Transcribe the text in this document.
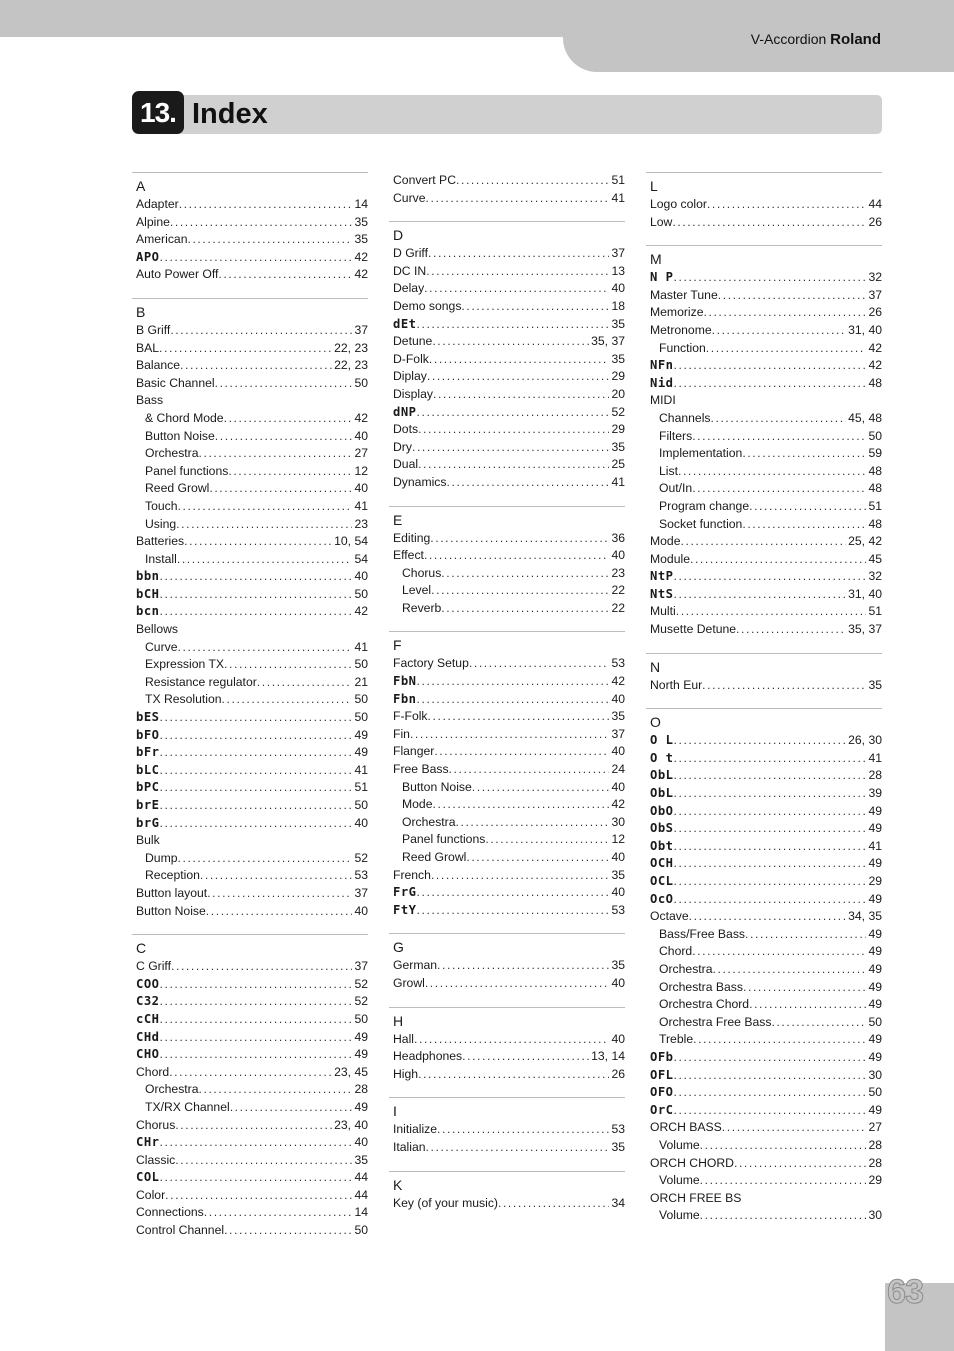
V-Accordion Roland
13. Index
A
Adapter . . .	14
Alpine . . .	35
American . . .	35
APO . . .	42
Auto Power Off . . .	42
B
B Griff . . .	37
BAL . . .	22, 23
Balance . . .	22, 23
Basic Channel . . .	50
Bass
& Chord Mode . . .	42
Button Noise . . .	40
Orchestra . . .	27
Panel functions . . .	12
Reed Growl . . .	40
Touch . . .	41
Using . . .	23
Batteries . . .	10, 54
Install . . .	54
bbn . . .	40
bCH . . .	50
bcn . . .	42
Bellows
Curve . . .	41
Expression TX . . .	50
Resistance regulator . . .	21
TX Resolution . . .	50
bES . . .	50
bFO . . .	49
bFr . . .	49
bLC . . .	41
bPC . . .	51
brE . . .	50
brG . . .	40
Bulk
Dump . . .	52
Reception . . .	53
Button layout . . .	37
Button Noise . . .	40
C
C Griff . . .	37
COO . . .	52
C32 . . .	52
cCH . . .	50
CHd . . .	49
CHO . . .	49
Chord . . .	23, 45
Orchestra . . .	28
TX/RX Channel . . .	49
Chorus . . .	23, 40
CHr . . .	40
Classic . . .	35
COL . . .	44
Color . . .	44
Connections . . .	14
Control Channel . . .	50
Convert PC . . .	51
Curve . . .	41
D
D Griff . . .	37
DC IN . . .	13
Delay . . .	40
Demo songs . . .	18
dEt . . .	35
Detune . . .	35, 37
D-Folk . . .	35
Diplay . . .	29
Display . . .	20
dNP . . .	52
Dots . . .	29
Dry . . .	35
Dual . . .	25
Dynamics . . .	41
E
Editing . . .	36
Effect . . .	40
Chorus . . .	23
Level . . .	22
Reverb . . .	22
F
Factory Setup . . .	53
FbN . . .	42
Fbn . . .	40
F-Folk . . .	35
Fin . . .	37
Flanger . . .	40
Free Bass . . .	24
Button Noise . . .	40
Mode . . .	42
Orchestra . . .	30
Panel functions . . .	12
Reed Growl . . .	40
French . . .	35
FrG . . .	40
FtY . . .	53
G
German . . .	35
Growl . . .	40
H
Hall . . .	40
Headphones . . .	13, 14
High . . .	26
I
Initialize . . .	53
Italian . . .	35
K
Key (of your music) . . .	34
L
Logo color . . .	44
Low . . .	26
M
N P . . .	32
Master Tune . . .	37
Memorize . . .	26
Metronome . . .	31, 40
Function . . .	42
NFn . . .	42
Nid . . .	48
MIDI
Channels . . .	45, 48
Filters . . .	50
Implementation . . .	59
List . . .	48
Out/In . . .	48
Program change . . .	51
Socket function . . .	48
Mode . . .	25, 42
Module . . .	45
NtP . . .	32
NtS . . .	31, 40
Multi . . .	51
Musette Detune . . .	35, 37
N
North Eur . . .	35
O
O L . . .	26, 30
O t . . .	41
ObL . . .	28
ObL . . .	39
ObO . . .	49
ObS . . .	49
Obt . . .	41
OCH . . .	49
OCL . . .	29
OcO . . .	49
Octave . . .	34, 35
Bass/Free Bass . . .	49
Chord . . .	49
Orchestra . . .	49
Orchestra Bass . . .	49
Orchestra Chord . . .	49
Orchestra Free Bass . . .	50
Treble . . .	49
OFb . . .	49
OFL . . .	30
OFO . . .	50
OrC . . .	49
ORCH BASS . . .	27
Volume . . .	28
ORCH CHORD . . .	28
Volume . . .	29
ORCH FREE BS
Volume . . .	30
63
